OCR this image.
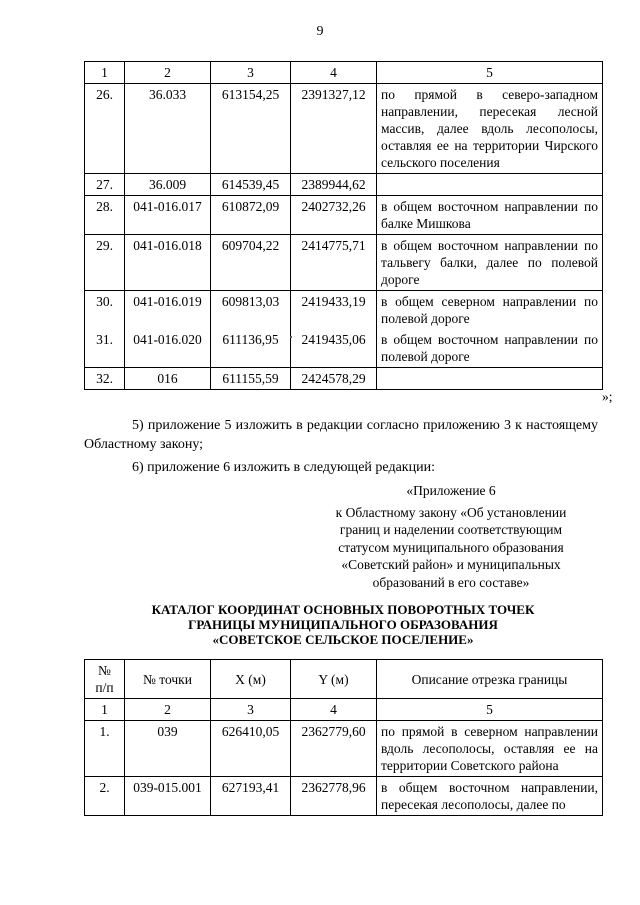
9
1	2	3	4	5
26.	36.033	613154,25	2391327,12	по прямой в северо-западном направлении, пересекая лесной массив, далее вдоль лесополосы, оставляя ее на территории Чирского сельского поселения
27.	36.009	614539,45	2389944,62	
28.	041-016.017	610872,09	2402732,26	в общем восточном направлении по балке Мишкова
29.	041-016.018	609704,22	2414775,71	в общем восточном направлении по тальвегу балки, далее по полевой дороге
30.	041-016.019	609813,03	2419433,19	в общем северном направлении по полевой дороге
31.	041-016.020	611136,95	2419435,06	в общем восточном направлении по полевой дороге
32.	016	611155,59	2424578,29	
»;
5) приложение 5 изложить в редакции согласно приложению 3 к настоящему Областному закону;
6) приложение 6 изложить в следующей редакции:
«Приложение 6
к Областному закону «Об установлении границ и наделении соответствующим статусом муниципального образования «Советский район» и муниципальных образований в его составе»
КАТАЛОГ КООРДИНАТ ОСНОВНЫХ ПОВОРОТНЫХ ТОЧЕК
ГРАНИЦЫ МУНИЦИПАЛЬНОГО ОБРАЗОВАНИЯ
«СОВЕТСКОЕ СЕЛЬСКОЕ ПОСЕЛЕНИЕ»
№
п/п	№ точки	X (м)	Y (м)	Описание отрезка границы
1	2	3	4	5
1.	039	626410,05	2362779,60	по прямой в северном направлении вдоль лесополосы, оставляя ее на территории Советского района
2.	039-015.001	627193,41	2362778,96	в общем восточном направлении, пересекая лесополосы, далее по
